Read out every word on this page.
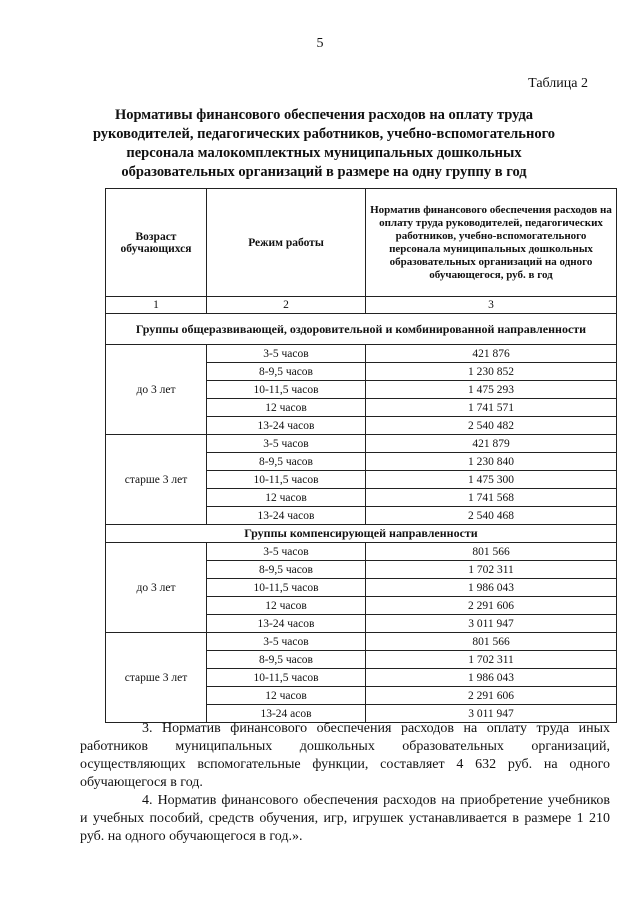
5
Таблица 2
Нормативы финансового обеспечения расходов на оплату труда руководителей, педагогических работников, учебно-вспомогательного персонала малокомплектных муниципальных дошкольных образовательных организаций в размере на одну группу в год
Возраст обучающихся	Режим работы	Норматив финансового обеспечения расходов на оплату труда руководителей, педагогических работников, учебно-вспомогательного персонала муниципальных дошкольных образовательных организаций на одного обучающегося, руб. в год
1	2	3
Группы общеразвивающей, оздоровительной и комбинированной направленности		
до 3 лет	3-5 часов	421 876
	8-9,5 часов	1 230 852
	10-11,5 часов	1 475 293
	12 часов	1 741 571
	13-24 часов	2 540 482
старше 3 лет	3-5 часов	421 879
	8-9,5 часов	1 230 840
	10-11,5 часов	1 475 300
	12 часов	1 741 568
	13-24 часов	2 540 468
Группы компенсирующей направленности		
до 3 лет	3-5 часов	801 566
	8-9,5 часов	1 702 311
	10-11,5 часов	1 986 043
	12 часов	2 291 606
	13-24 часов	3 011 947
старше 3 лет	3-5 часов	801 566
	8-9,5 часов	1 702 311
	10-11,5 часов	1 986 043
	12 часов	2 291 606
	13-24 асов	3 011 947
3. Норматив финансового обеспечения расходов на оплату труда иных работников муниципальных дошкольных образовательных организаций, осуществляющих вспомогательные функции, составляет 4 632 руб. на одного обучающегося в год.
4. Норматив финансового обеспечения расходов на приобретение учебников и учебных пособий, средств обучения, игр, игрушек устанавливается в размере 1 210 руб. на одного обучающегося в год.».
